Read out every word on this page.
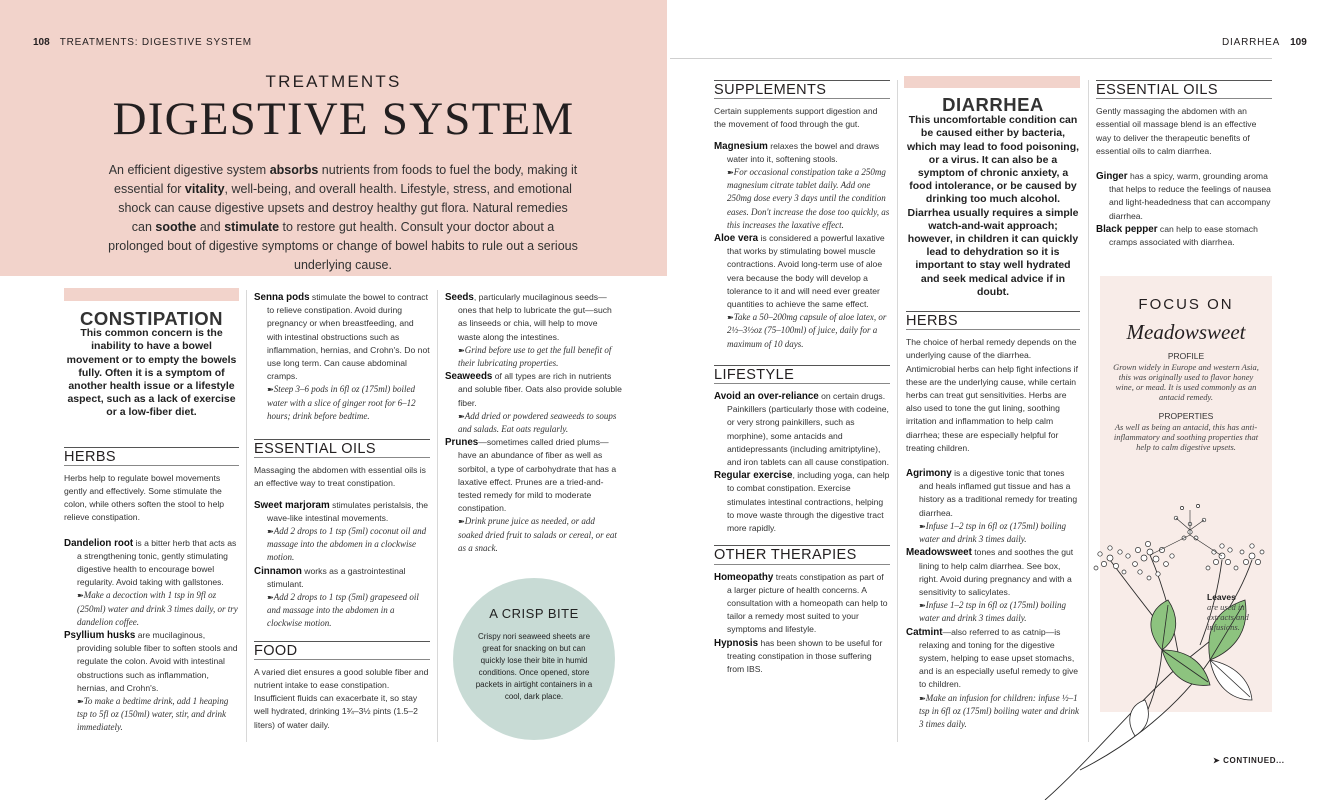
108 TREATMENTS: DIGESTIVE SYSTEM	DIARRHEA 109
TREATMENTS
DIGESTIVE SYSTEM
An efficient digestive system absorbs nutrients from foods to fuel the body, making it essential for vitality, well-being, and overall health. Lifestyle, stress, and emotional shock can cause digestive upsets and destroy healthy gut flora. Natural remedies can soothe and stimulate to restore gut health. Consult your doctor about a prolonged bout of digestive symptoms or change of bowel habits to rule out a serious underlying cause.
CONSTIPATION
This common concern is the inability to have a bowel movement or to empty the bowels fully. Often it is a symptom of another health issue or a lifestyle aspect, such as a lack of exercise or a low-fiber diet.
HERBS

Herbs help to regulate bowel movements gently and effectively. Some stimulate the colon, while others soften the stool to help relieve constipation.

Dandelion root is a bitter herb that acts as a strengthening tonic, gently stimulating digestive health to encourage bowel regularity. Avoid taking with gallstones.

➽Make a decoction with 1 tsp in 9fl oz (250ml) water and drink 3 times daily, or try dandelion coffee.

Psyllium husks are mucilaginous, providing soluble fiber to soften stools and regulate the colon. Avoid with intestinal obstructions such as inflammation, hernias, and Crohn's.

➽To make a bedtime drink, add 1 heaping tsp to 5fl oz (150ml) water, stir, and drink immediately.

Senna pods stimulate the bowel to contract to relieve constipation. Avoid during pregnancy or when breastfeeding, and with intestinal obstructions such as inflammation, hernias, and Crohn's. Do not use long term. Can cause abdominal cramps.

➽Steep 3–6 pods in 6fl oz (175ml) boiled water with a slice of ginger root for 6–12 hours; drink before bedtime.

ESSENTIAL OILS

Massaging the abdomen with essential oils is an effective way to treat constipation.

Sweet marjoram stimulates peristalsis, the wave-like intestinal movements.

➽Add 2 drops to 1 tsp (5ml) coconut oil and massage into the abdomen in a clockwise motion.

Cinnamon works as a gastrointestinal stimulant.

➽Add 2 drops to 1 tsp (5ml) grapeseed oil and massage into the abdomen in a clockwise motion.

FOOD

A varied diet ensures a good soluble fiber and nutrient intake to ease constipation. Insufficient fluids can exacerbate it, so stay well hydrated, drinking 1¾–3½ pints (1.5–2 liters) of water daily.

Seeds, particularly mucilaginous seeds—ones that help to lubricate the gut—such as linseeds or chia, will help to move waste along the intestines.

➽Grind before use to get the full benefit of their lubricating properties.

Seaweeds of all types are rich in nutrients and soluble fiber. Oats also provide soluble fiber.

➽Add dried or powdered seaweeds to soups and salads. Eat oats regularly.

Prunes—sometimes called dried plums—have an abundance of fiber as well as sorbitol, a type of carbohydrate that has a laxative effect. Prunes are a tried-and-tested remedy for mild to moderate constipation.

➽Drink prune juice as needed, or add soaked dried fruit to salads or cereal, or eat as a snack.

A CRISP BITE
Crispy nori seaweed sheets are great for snacking on but can quickly lose their bite in humid conditions. Once opened, store packets in airtight containers in a cool, dark place.
SUPPLEMENTS

Certain supplements support digestion and the movement of food through the gut.

Magnesium relaxes the bowel and draws water into it, softening stools.

➽For occasional constipation take a 250mg magnesium citrate tablet daily. Add one 250mg dose every 3 days until the condition eases. Don't increase the dose too quickly, as this increases the laxative effect.

Aloe vera is considered a powerful laxative that works by stimulating bowel muscle contractions. Avoid long-term use of aloe vera because the body will develop a tolerance to it and will need ever greater quantities to achieve the same effect.

➽Take a 50–200mg capsule of aloe latex, or 2½–3½oz (75–100ml) of juice, daily for a maximum of 10 days.

LIFESTYLE

Avoid an over-reliance on certain drugs. Painkillers (particularly those with codeine, or very strong painkillers, such as morphine), some antacids and antidepressants (including amitriptyline), and iron tablets can all cause constipation.

Regular exercise, including yoga, can help to combat constipation. Exercise stimulates intestinal contractions, helping to move waste through the digestive tract more rapidly.

OTHER THERAPIES

Homeopathy treats constipation as part of a larger picture of health concerns. A consultation with a homeopath can help to tailor a remedy most suited to your symptoms and lifestyle.

Hypnosis has been shown to be useful for treating constipation in those suffering from IBS.

DIARRHEA
This uncomfortable condition can be caused either by bacteria, which may lead to food poisoning, or a virus. It can also be a symptom of chronic anxiety, a food intolerance, or be caused by drinking too much alcohol. Diarrhea usually requires a simple watch-and-wait approach; however, in children it can quickly lead to dehydration so it is important to stay well hydrated and seek medical advice if in doubt.
HERBS

The choice of herbal remedy depends on the underlying cause of the diarrhea. Antimicrobial herbs can help fight infections if these are the underlying cause, while certain herbs can treat gut sensitivities. Herbs are also used to tone the gut lining, soothing irritation and inflammation to help calm diarrhea; these are especially helpful for treating children.

Agrimony is a digestive tonic that tones and heals inflamed gut tissue and has a history as a traditional remedy for treating diarrhea.

➽Infuse 1–2 tsp in 6fl oz (175ml) boiling water and drink 3 times daily.

Meadowsweet tones and soothes the gut lining to help calm diarrhea. See box, right. Avoid during pregnancy and with a sensitivity to salicylates.

➽Infuse 1–2 tsp in 6fl oz (175ml) boiling water and drink 3 times daily.

Catmint—also referred to as catnip—is relaxing and toning for the digestive system, helping to ease upset stomachs, and is an especially useful remedy to give to children.

➽Make an infusion for children: infuse ½–1 tsp in 6fl oz (175ml) boiling water and drink 3 times daily.

ESSENTIAL OILS

Gently massaging the abdomen with an essential oil massage blend is an effective way to deliver the therapeutic benefits of essential oils to calm diarrhea.

Ginger has a spicy, warm, grounding aroma that helps to reduce the feelings of nausea and light-headedness that can accompany diarrhea.

Black pepper can help to ease stomach cramps associated with diarrhea.

FOCUS ON
Meadowsweet
PROFILE
Grown widely in Europe and western Asia, this was originally used to flavor honey wine, or mead. It is used commonly as an antacid remedy.
PROPERTIES
As well as being an antacid, this has anti-inflammatory and soothing properties that help to calm digestive upsets.
Leaves
are used in extracts and infusions.
➤ CONTINUED...
